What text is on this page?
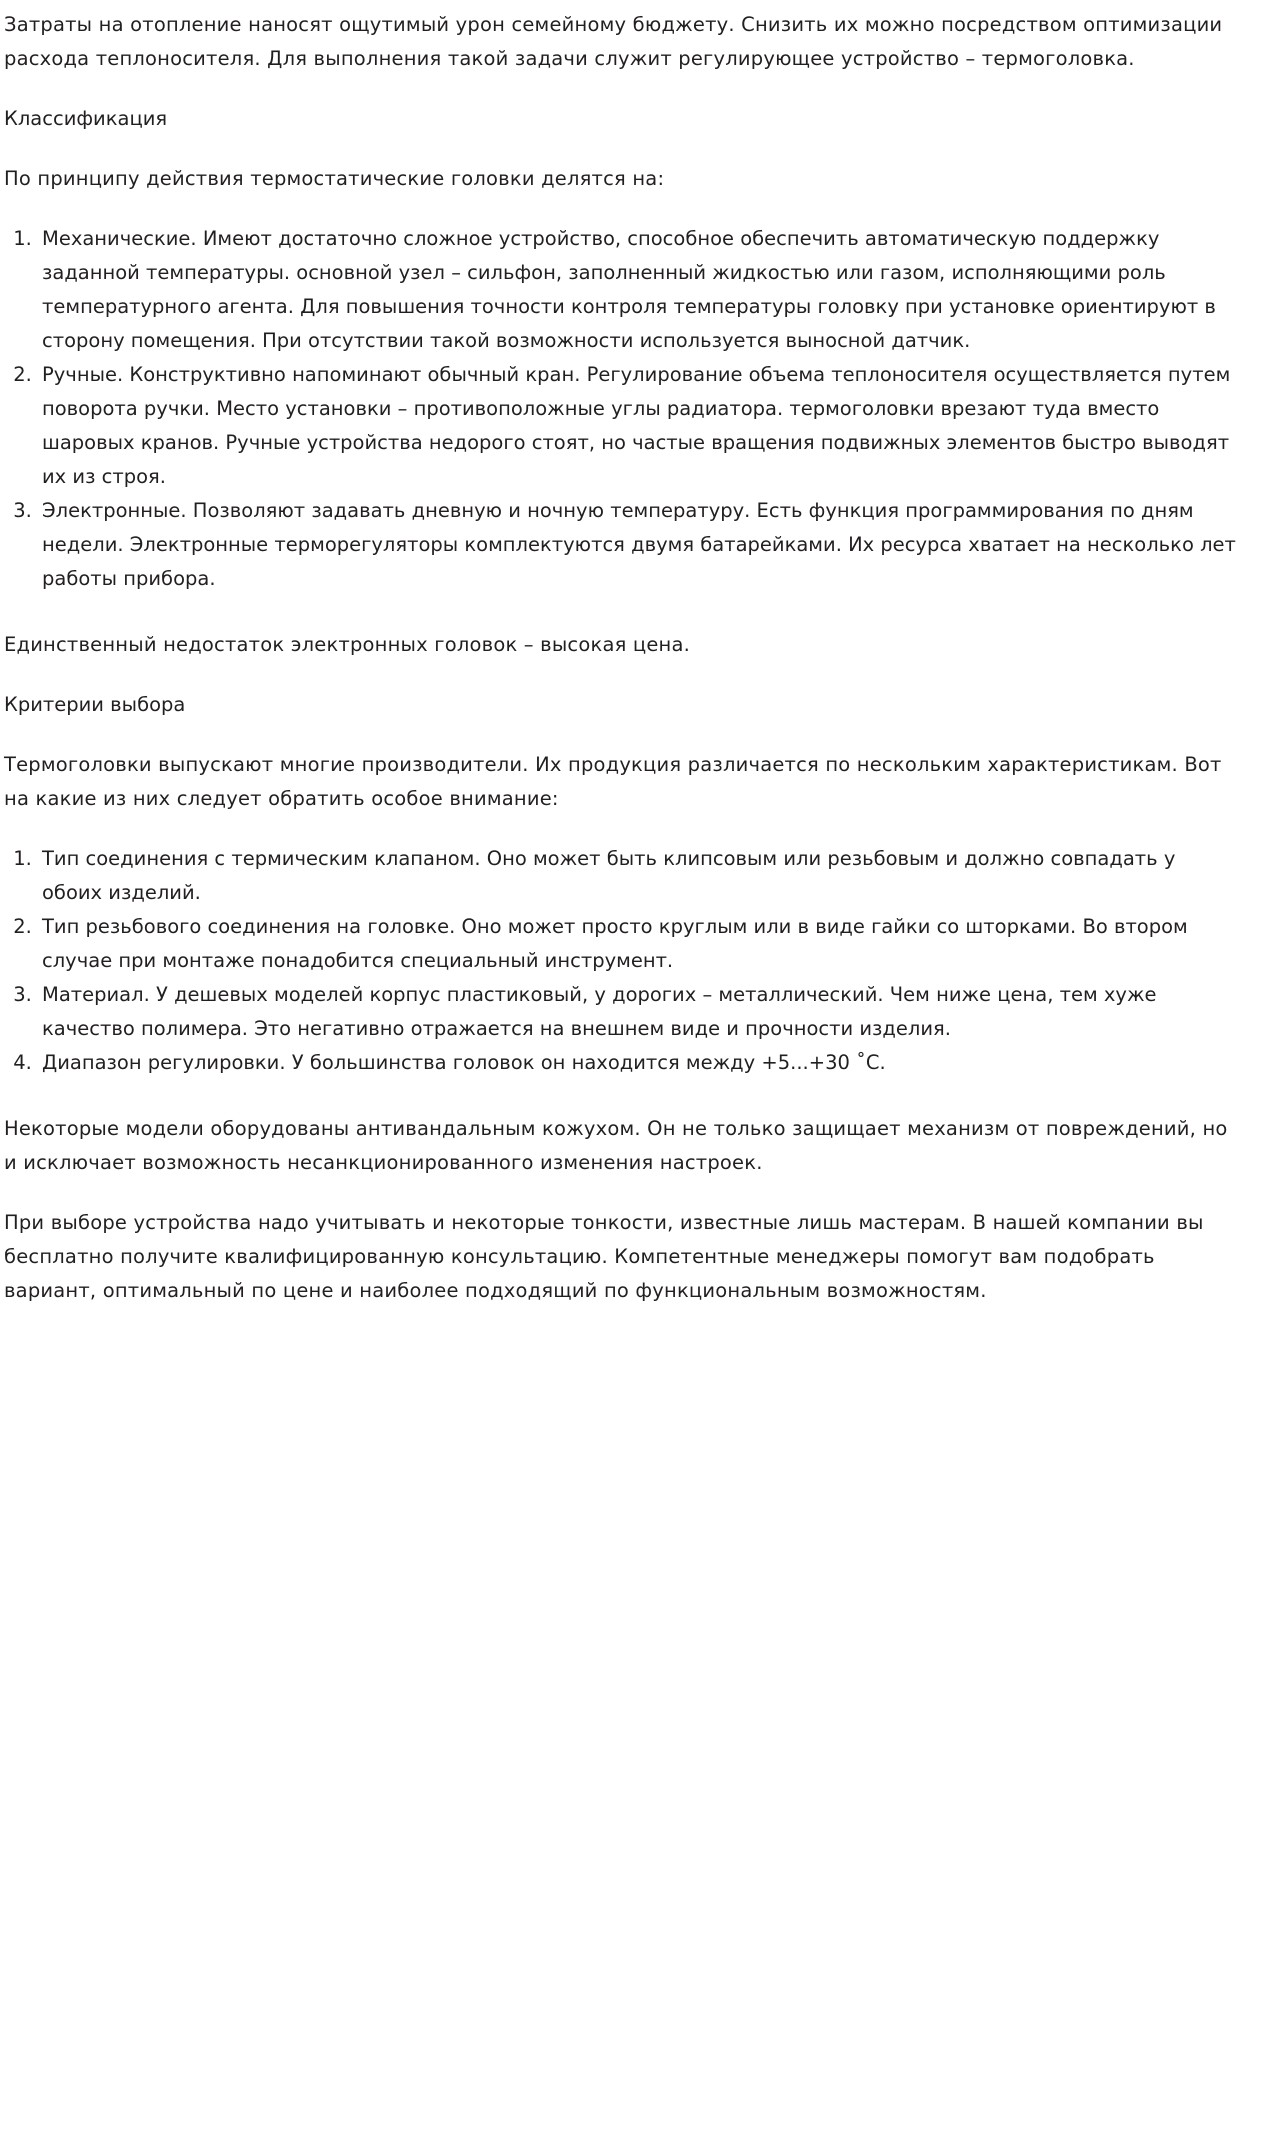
Затраты на отопление наносят ощутимый урон семейному бюджету. Снизить их можно посредством оптимизации расхода теплоносителя. Для выполнения такой задачи служит регулирующее устройство – термоголовка.

Классификация

По принципу действия термостатические головки делятся на:

1. Механические. Имеют достаточно сложное устройство, способное обеспечить автоматическую поддержку заданной температуры. основной узел – сильфон, заполненный жидкостью или газом, исполняющими роль температурного агента. Для повышения точности контроля температуры головку при установке ориентируют в сторону помещения. При отсутствии такой возможности используется выносной датчик.
2. Ручные. Конструктивно напоминают обычный кран. Регулирование объема теплоносителя осуществляется путем поворота ручки. Место установки – противоположные углы радиатора. термоголовки врезают туда вместо шаровых кранов. Ручные устройства недорого стоят, но частые вращения подвижных элементов быстро выводят их из строя.
3. Электронные. Позволяют задавать дневную и ночную температуру. Есть функция программирования по дням недели. Электронные терморегуляторы комплектуются двумя батарейками. Их ресурса хватает на несколько лет работы прибора.

Единственный недостаток электронных головок – высокая цена.

Критерии выбора

Термоголовки выпускают многие производители. Их продукция различается по нескольким характеристикам. Вот на какие из них следует обратить особое внимание:

1. Тип соединения с термическим клапаном. Оно может быть клипсовым или резьбовым и должно совпадать у обоих изделий.
2. Тип резьбового соединения на головке. Оно может просто круглым или в виде гайки со шторками. Во втором случае при монтаже понадобится специальный инструмент.
3. Материал. У дешевых моделей корпус пластиковый, у дорогих – металлический. Чем ниже цена, тем хуже качество полимера. Это негативно отражается на внешнем виде и прочности изделия.
4. Диапазон регулировки. У большинства головок он находится между +5...+30 ˚С.

Некоторые модели оборудованы антивандальным кожухом. Он не только защищает механизм от повреждений, но и исключает возможность несанкционированного изменения настроек.

При выборе устройства надо учитывать и некоторые тонкости, известные лишь мастерам. В нашей компании вы бесплатно получите квалифицированную консультацию. Компетентные менеджеры помогут вам подобрать вариант, оптимальный по цене и наиболее подходящий по функциональным возможностям.
